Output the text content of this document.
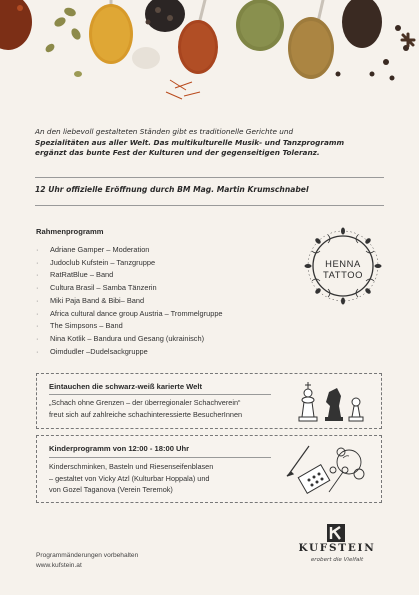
An den liebevoll gestalteten Ständen gibt es traditionelle Gerichte und
Spezialitäten aus aller Welt. Das multikulturelle Musik- und Tanzprogramm
ergänzt das bunte Fest der Kulturen und der gegenseitigen Toleranz.

12 Uhr offizielle Eröffnung durch BM Mag. Martin Krumschnabel

Rahmenprogramm

· Adriane Gamper – Moderation
· Judoclub Kufstein – Tanzgruppe
· RatRatBlue – Band
· Cultura Brasil – Samba Tänzerin
· Miki Paja Band & Bibi– Band
· Africa cultural dance group Austria – Trommelgruppe
· The Simpsons – Band
· Nina Kotlik – Bandura und Gesang (ukrainisch)
· Oimdudler –Dudelsackgruppe
HENNA
TATTOO

Eintauchen die schwarz-weiß karierte Welt

„Schach ohne Grenzen – der überregionaler Schachverein“
freut sich auf zahlreiche schachinteressierte BesucherInnen

Kinderprogramm von 12:00 - 18:00 Uhr

Kinderschminken, Basteln und Riesenseifenblasen
– gestaltet von Vicky Atzl (Kulturbar Hoppala) und
von Gozel Taganova (Verein Teremok)

Programmänderungen vorbehalten
www.kufstein.at
KUFSTEIN
erobert die Vielfalt
